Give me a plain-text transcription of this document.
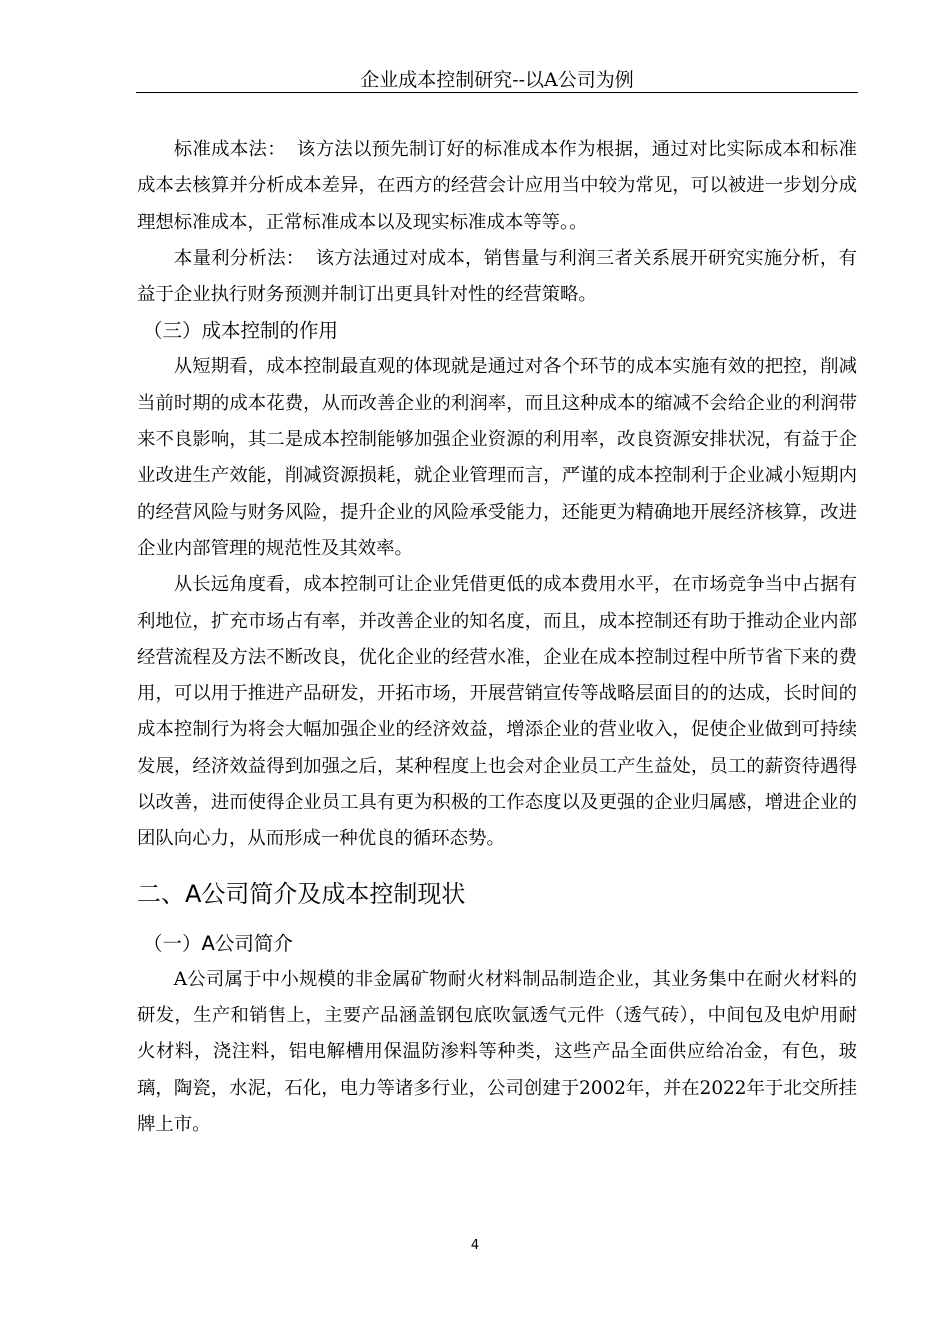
企业成本控制研究--以A公司为例

标准成本法： 该方法以预先制订好的标准成本作为根据，通过对比实际成本和标准成本去核算并分析成本差异，在西方的经营会计应用当中较为常见，可以被进一步划分成理想标准成本，正常标准成本以及现实标准成本等等。。

本量利分析法： 该方法通过对成本，销售量与利润三者关系展开研究实施分析，有益于企业执行财务预测并制订出更具针对性的经营策略。

（三）成本控制的作用

从短期看，成本控制最直观的体现就是通过对各个环节的成本实施有效的把控，削减当前时期的成本花费，从而改善企业的利润率，而且这种成本的缩减不会给企业的利润带来不良影响，其二是成本控制能够加强企业资源的利用率，改良资源安排状况，有益于企业改进生产效能，削减资源损耗，就企业管理而言，严谨的成本控制利于企业减小短期内的经营风险与财务风险，提升企业的风险承受能力，还能更为精确地开展经济核算，改进企业内部管理的规范性及其效率。

从长远角度看，成本控制可让企业凭借更低的成本费用水平，在市场竞争当中占据有利地位，扩充市场占有率，并改善企业的知名度，而且，成本控制还有助于推动企业内部经营流程及方法不断改良，优化企业的经营水准，企业在成本控制过程中所节省下来的费用，可以用于推进产品研发，开拓市场，开展营销宣传等战略层面目的的达成，长时间的成本控制行为将会大幅加强企业的经济效益，增添企业的营业收入，促使企业做到可持续发展，经济效益得到加强之后，某种程度上也会对企业员工产生益处，员工的薪资待遇得以改善，进而使得企业员工具有更为积极的工作态度以及更强的企业归属感，增进企业的团队向心力，从而形成一种优良的循环态势。

二、A公司简介及成本控制现状
（一）A公司简介

A公司属于中小规模的非金属矿物耐火材料制品制造企业，其业务集中在耐火材料的研发，生产和销售上，主要产品涵盖钢包底吹氩透气元件（透气砖），中间包及电炉用耐火材料，浇注料，铝电解槽用保温防渗料等种类，这些产品全面供应给冶金，有色，玻璃，陶瓷，水泥，石化，电力等诸多行业，公司创建于2002年，并在2022年于北交所挂牌上市。

4
